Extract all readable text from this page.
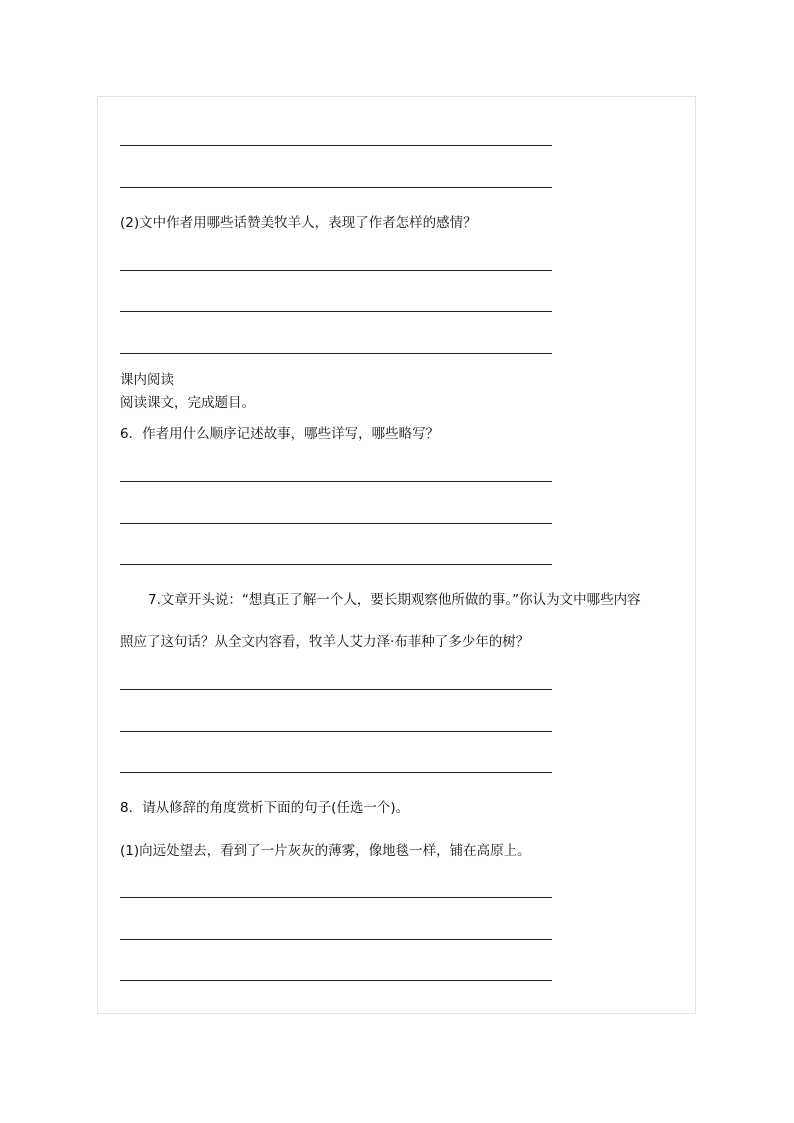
(2)文中作者用哪些话赞美牧羊人，表现了作者怎样的感情？
课内阅读
阅读课文，完成题目。
6．作者用什么顺序记述故事，哪些详写，哪些略写？
7.文章开头说：“想真正了解一个人，要长期观察他所做的事。”你认为文中哪些内容
照应了这句话？从全文内容看，牧羊人艾力泽·布菲种了多少年的树？
8．请从修辞的角度赏析下面的句子(任选一个)。
(1)向远处望去，看到了一片灰灰的薄雾，像地毯一样，铺在高原上。
